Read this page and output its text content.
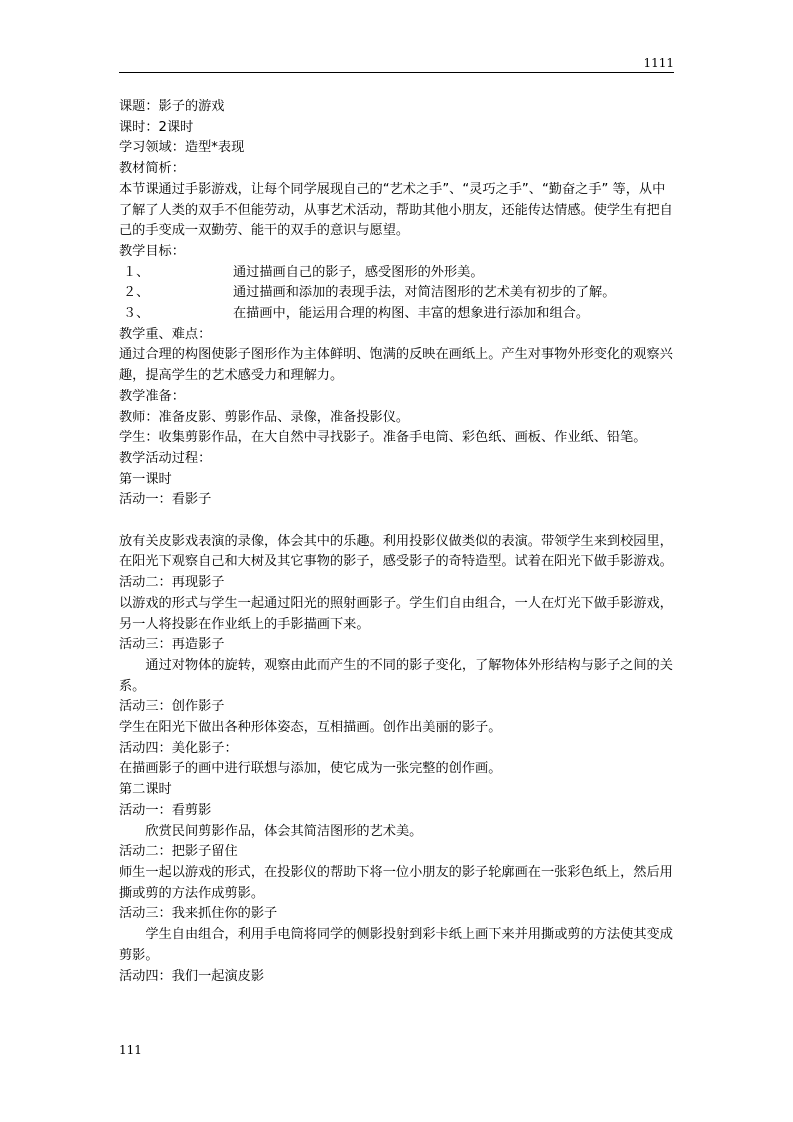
1111

课题：影子的游戏

课时：2课时

学习领域：造型*表现

教材简析：

本节课通过手影游戏，让每个同学展现自己的“艺术之手”、“灵巧之手”、“勤奋之手” 等，从中了解了人类的双手不但能劳动，从事艺术活动，帮助其他小朋友，还能传达情感。使学生有把自己的手变成一双勤劳、能干的双手的意识与愿望。

教学目标：

１、	通过描画自己的影子，感受图形的外形美。
２、	通过描画和添加的表现手法，对简洁图形的艺术美有初步的了解。
３、	在描画中，能运用合理的构图、丰富的想象进行添加和组合。

教学重、难点：

通过合理的构图使影子图形作为主体鲜明、饱满的反映在画纸上。产生对事物外形变化的观察兴趣，提高学生的艺术感受力和理解力。

教学准备：

教师：准备皮影、剪影作品、录像，准备投影仪。

学生：收集剪影作品，在大自然中寻找影子。准备手电筒、彩色纸、画板、作业纸、铅笔。

教学活动过程：

第一课时

活动一：看影子

放有关皮影戏表演的录像，体会其中的乐趣。利用投影仪做类似的表演。带领学生来到校园里，在阳光下观察自己和大树及其它事物的影子，感受影子的奇特造型。试着在阳光下做手影游戏。

活动二：再现影子

以游戏的形式与学生一起通过阳光的照射画影子。学生们自由组合，一人在灯光下做手影游戏，另一人将投影在作业纸上的手影描画下来。

活动三：再造影子

通过对物体的旋转，观察由此而产生的不同的影子变化，了解物体外形结构与影子之间的关系。

活动三：创作影子

学生在阳光下做出各种形体姿态，互相描画。创作出美丽的影子。

活动四：美化影子：

在描画影子的画中进行联想与添加，使它成为一张完整的创作画。

第二课时

活动一：看剪影

欣赏民间剪影作品，体会其简洁图形的艺术美。

活动二：把影子留住

师生一起以游戏的形式，在投影仪的帮助下将一位小朋友的影子轮廓画在一张彩色纸上，然后用撕或剪的方法作成剪影。

活动三：我来抓住你的影子

学生自由组合，利用手电筒将同学的侧影投射到彩卡纸上画下来并用撕或剪的方法使其变成剪影。

活动四：我们一起演皮影

111
